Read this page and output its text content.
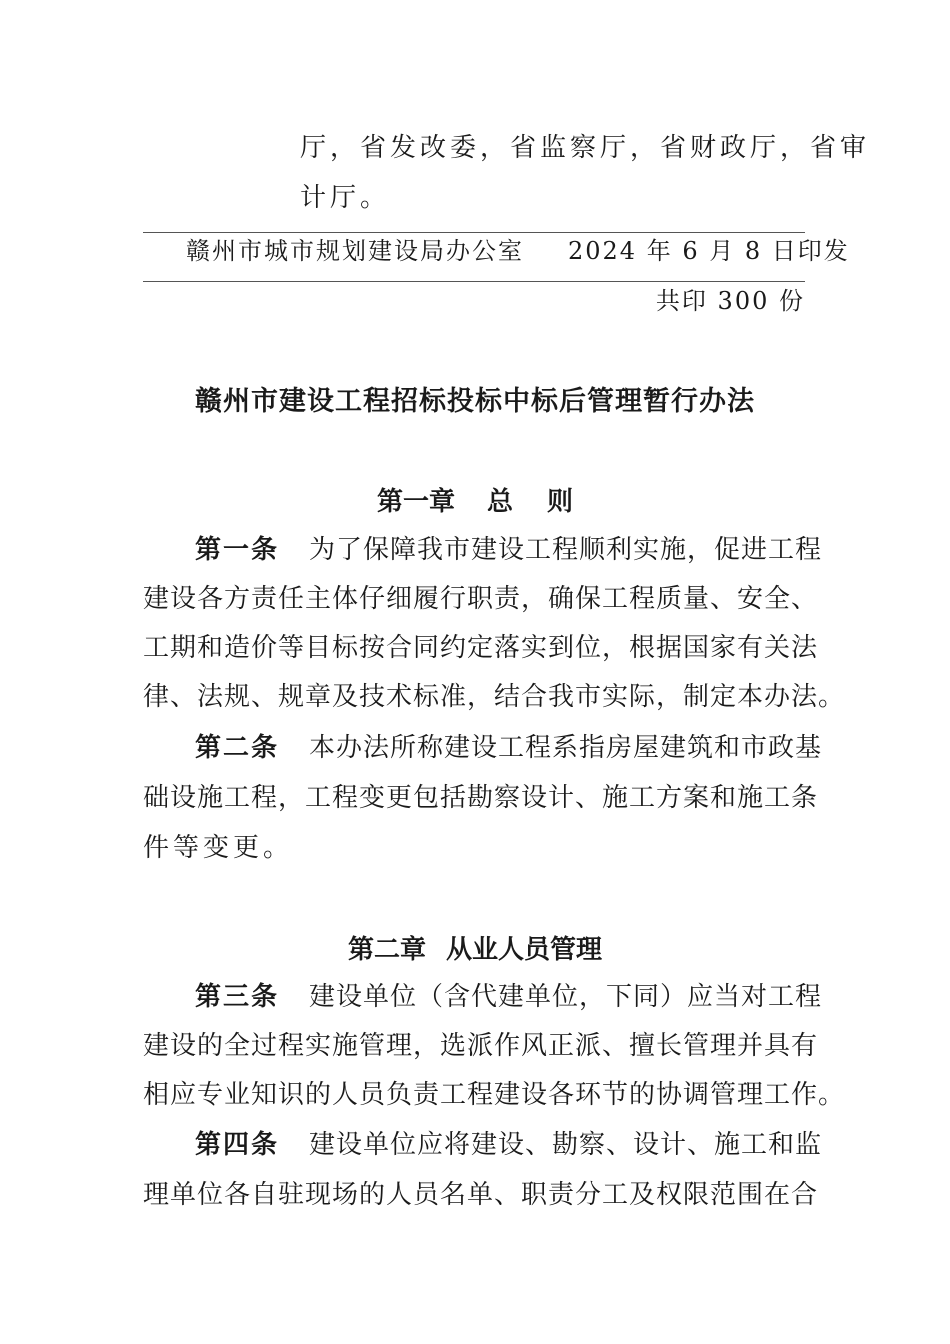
厅，省发改委，省监察厅，省财政厅，省审
计厅。
赣州市城市规划建设局办公室 2024 年 6 月 8 日印发
共印 300 份
赣州市建设工程招标投标中标后管理暂行办法
第一章 总 则
第一条 为了保障我市建设工程顺利实施，促进工程
建设各方责任主体仔细履行职责，确保工程质量、安全、
工期和造价等目标按合同约定落实到位，根据国家有关法
律、法规、规章及技术标准，结合我市实际，制定本办法。
第二条 本办法所称建设工程系指房屋建筑和市政基
础设施工程，工程变更包括勘察设计、施工方案和施工条
件等变更。
第二章 从业人员管理
第三条 建设单位（含代建单位，下同）应当对工程
建设的全过程实施管理，选派作风正派、擅长管理并具有
相应专业知识的人员负责工程建设各环节的协调管理工作。
第四条 建设单位应将建设、勘察、设计、施工和监
理单位各自驻现场的人员名单、职责分工及权限范围在合
